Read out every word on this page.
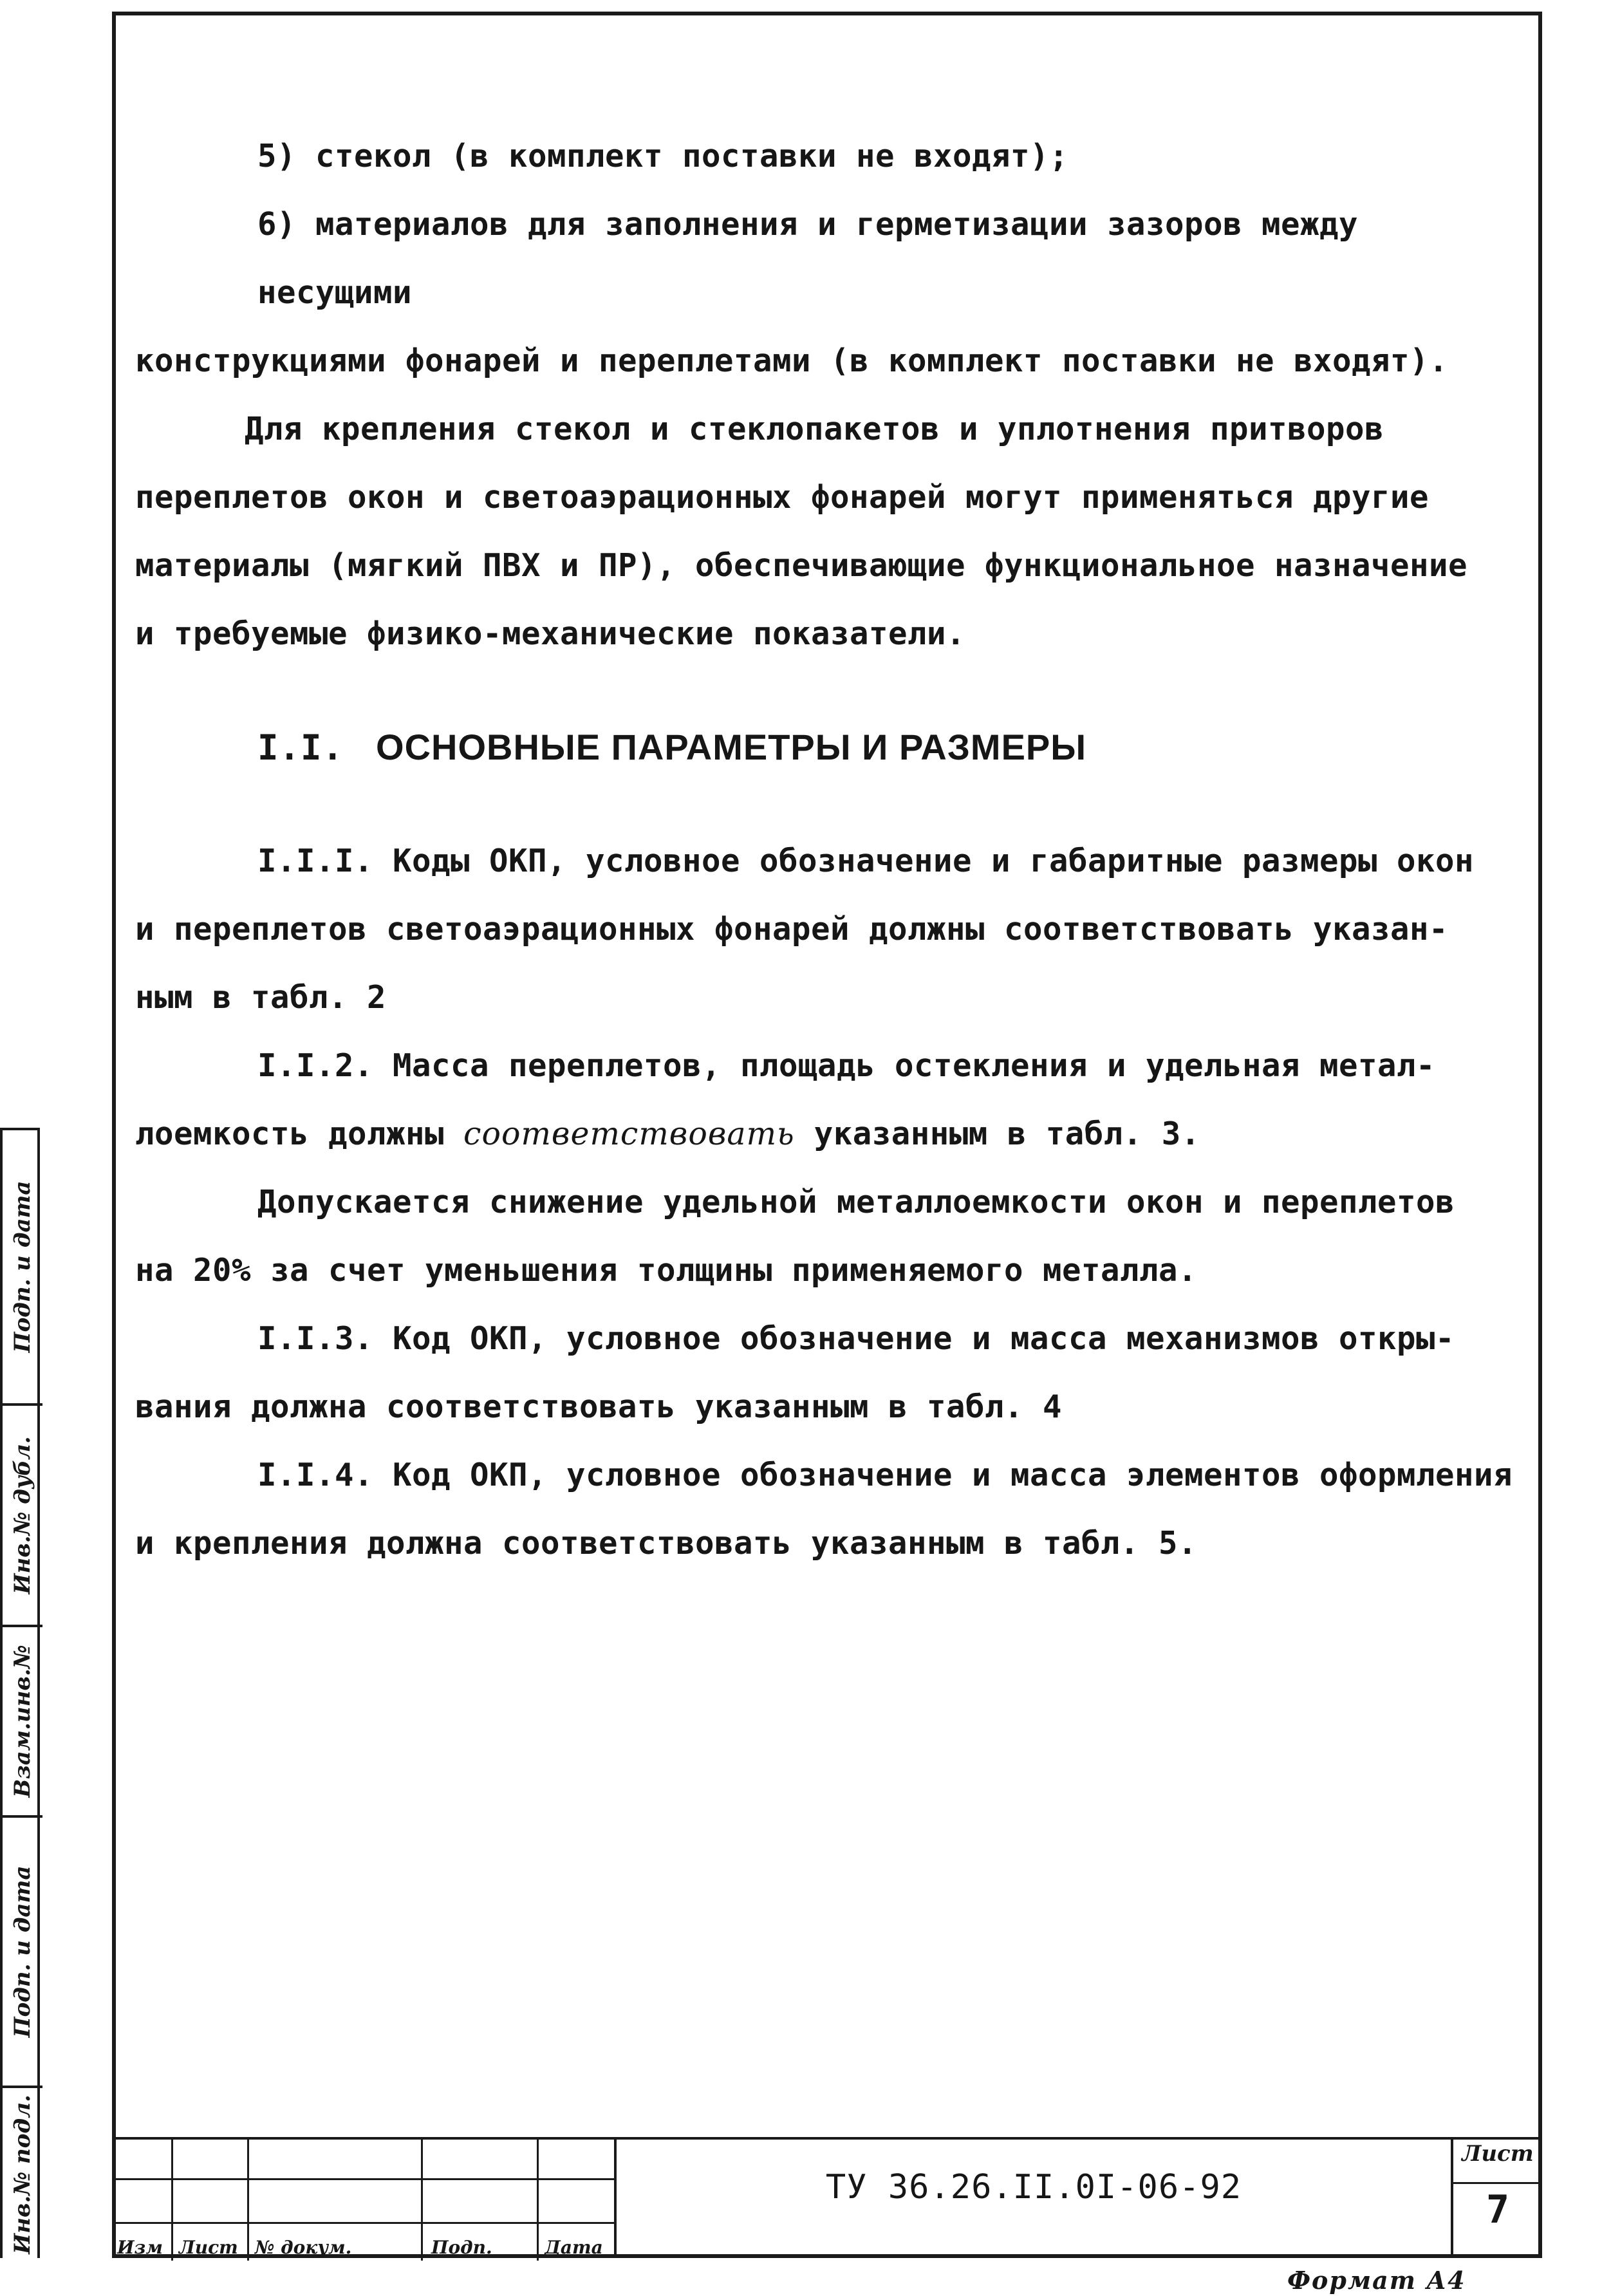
5) стекол (в комплект поставки не входят);

6) материалов для заполнения и герметизации зазоров между несущими

конструкциями фонарей и переплетами (в комплект поставки не входят).

Для крепления стекол и стеклопакетов и уплотнения притворов

переплетов окон и светоаэрационных фонарей могут применяться другие

материалы (мягкий ПВХ и ПР), обеспечивающие функциональное назначение

и требуемые физико-механические показатели.

I.I. ОСНОВНЫЕ ПАРАМЕТРЫ И РАЗМЕРЫ

I.I.I. Коды ОКП, условное обозначение и габаритные размеры окон

и переплетов светоаэрационных фонарей должны соответствовать указан-

ным в табл. 2

I.I.2. Масса переплетов, площадь остекления и удельная метал-

лоемкость должны соответствовать указанным в табл. 3.

Допускается снижение удельной металлоемкости окон и переплетов

на 20% за счет уменьшения толщины применяемого металла.

I.I.3. Код ОКП, условное обозначение и масса механизмов откры-

вания должна соответствовать указанным в табл. 4

I.I.4. Код ОКП, условное обозначение и масса элементов оформления

и крепления должна соответствовать указанным в табл. 5.

Подп. и дата
Инв.№ дубл.
Взам.инв.№
Подп. и дата
Инв.№ подл.	Изм Лист № докум.	Подп.	Дата
ТУ 36.26.II.0I-06-92
Лист
7
Формат А4
